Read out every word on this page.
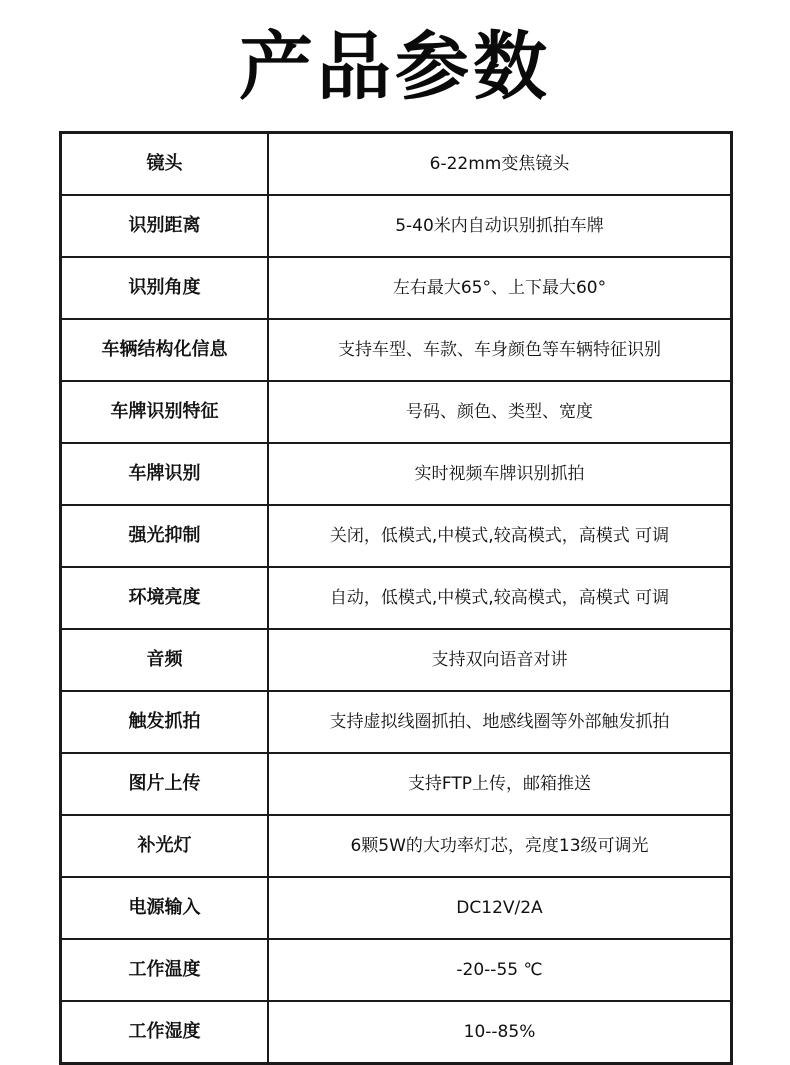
产品参数
镜头	6-22mm变焦镜头
识别距离	5-40米内自动识别抓拍车牌
识别角度	左右最大65°、上下最大60°
车辆结构化信息	支持车型、车款、车身颜色等车辆特征识别
车牌识别特征	号码、颜色、类型、宽度
车牌识别	实时视频车牌识别抓拍
强光抑制	关闭，低模式,中模式,较高模式，高模式 可调
环境亮度	自动，低模式,中模式,较高模式，高模式 可调
音频	支持双向语音对讲
触发抓拍	支持虚拟线圈抓拍、地感线圈等外部触发抓拍
图片上传	支持FTP上传，邮箱推送
补光灯	6颗5W的大功率灯芯，亮度13级可调光
电源输入	DC12V/2A
工作温度	-20--55 ℃
工作湿度	10--85%
